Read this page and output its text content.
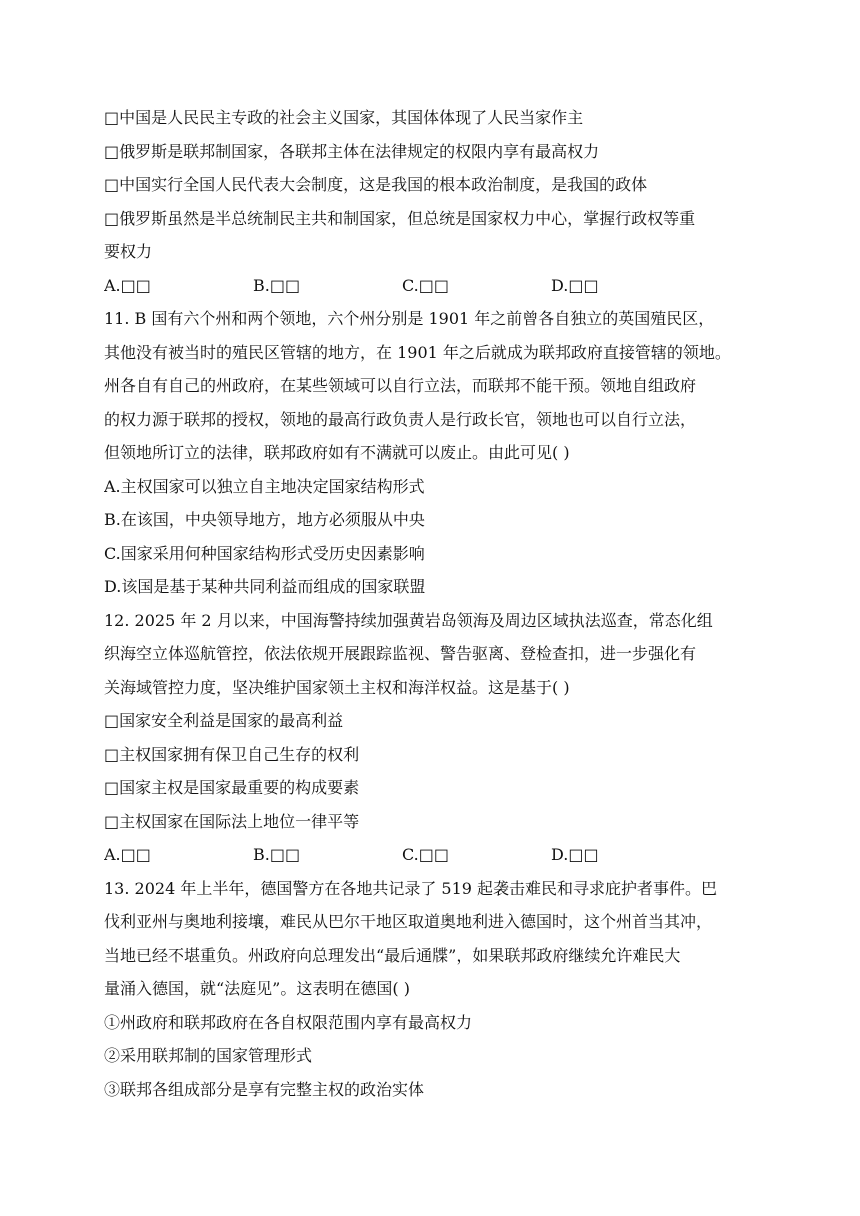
□中国是人民民主专政的社会主义国家，其国体体现了人民当家作主
□俄罗斯是联邦制国家，各联邦主体在法律规定的权限内享有最高权力
□中国实行全国人民代表大会制度，这是我国的根本政治制度，是我国的政体
□俄罗斯虽然是半总统制民主共和制国家，但总统是国家权力中心，掌握行政权等重
要权力
A.□□	B.□□	C.□□	D.□□
11. B 国有六个州和两个领地，六个州分别是 1901 年之前曾各自独立的英国殖民区，
其他没有被当时的殖民区管辖的地方，在 1901 年之后就成为联邦政府直接管辖的领地。
州各自有自己的州政府，在某些领域可以自行立法，而联邦不能干预。领地自组政府
的权力源于联邦的授权，领地的最高行政负责人是行政长官，领地也可以自行立法，
但领地所订立的法律，联邦政府如有不满就可以废止。由此可见( )
A.主权国家可以独立自主地决定国家结构形式
B.在该国，中央领导地方，地方必须服从中央
C.国家采用何种国家结构形式受历史因素影响
D.该国是基于某种共同利益而组成的国家联盟
12. 2025 年 2 月以来，中国海警持续加强黄岩岛领海及周边区域执法巡查，常态化组
织海空立体巡航管控，依法依规开展跟踪监视、警告驱离、登检查扣，进一步强化有
关海域管控力度，坚决维护国家领土主权和海洋权益。这是基于( )
□国家安全利益是国家的最高利益
□主权国家拥有保卫自己生存的权利
□国家主权是国家最重要的构成要素
□主权国家在国际法上地位一律平等
A.□□	B.□□	C.□□	D.□□
13. 2024 年上半年，德国警方在各地共记录了 519 起袭击难民和寻求庇护者事件。巴
伐利亚州与奥地利接壤，难民从巴尔干地区取道奥地利进入德国时，这个州首当其冲，
当地已经不堪重负。州政府向总理发出“最后通牒”，如果联邦政府继续允许难民大
量涌入德国，就“法庭见”。这表明在德国( )
①州政府和联邦政府在各自权限范围内享有最高权力
②采用联邦制的国家管理形式
③联邦各组成部分是享有完整主权的政治实体
